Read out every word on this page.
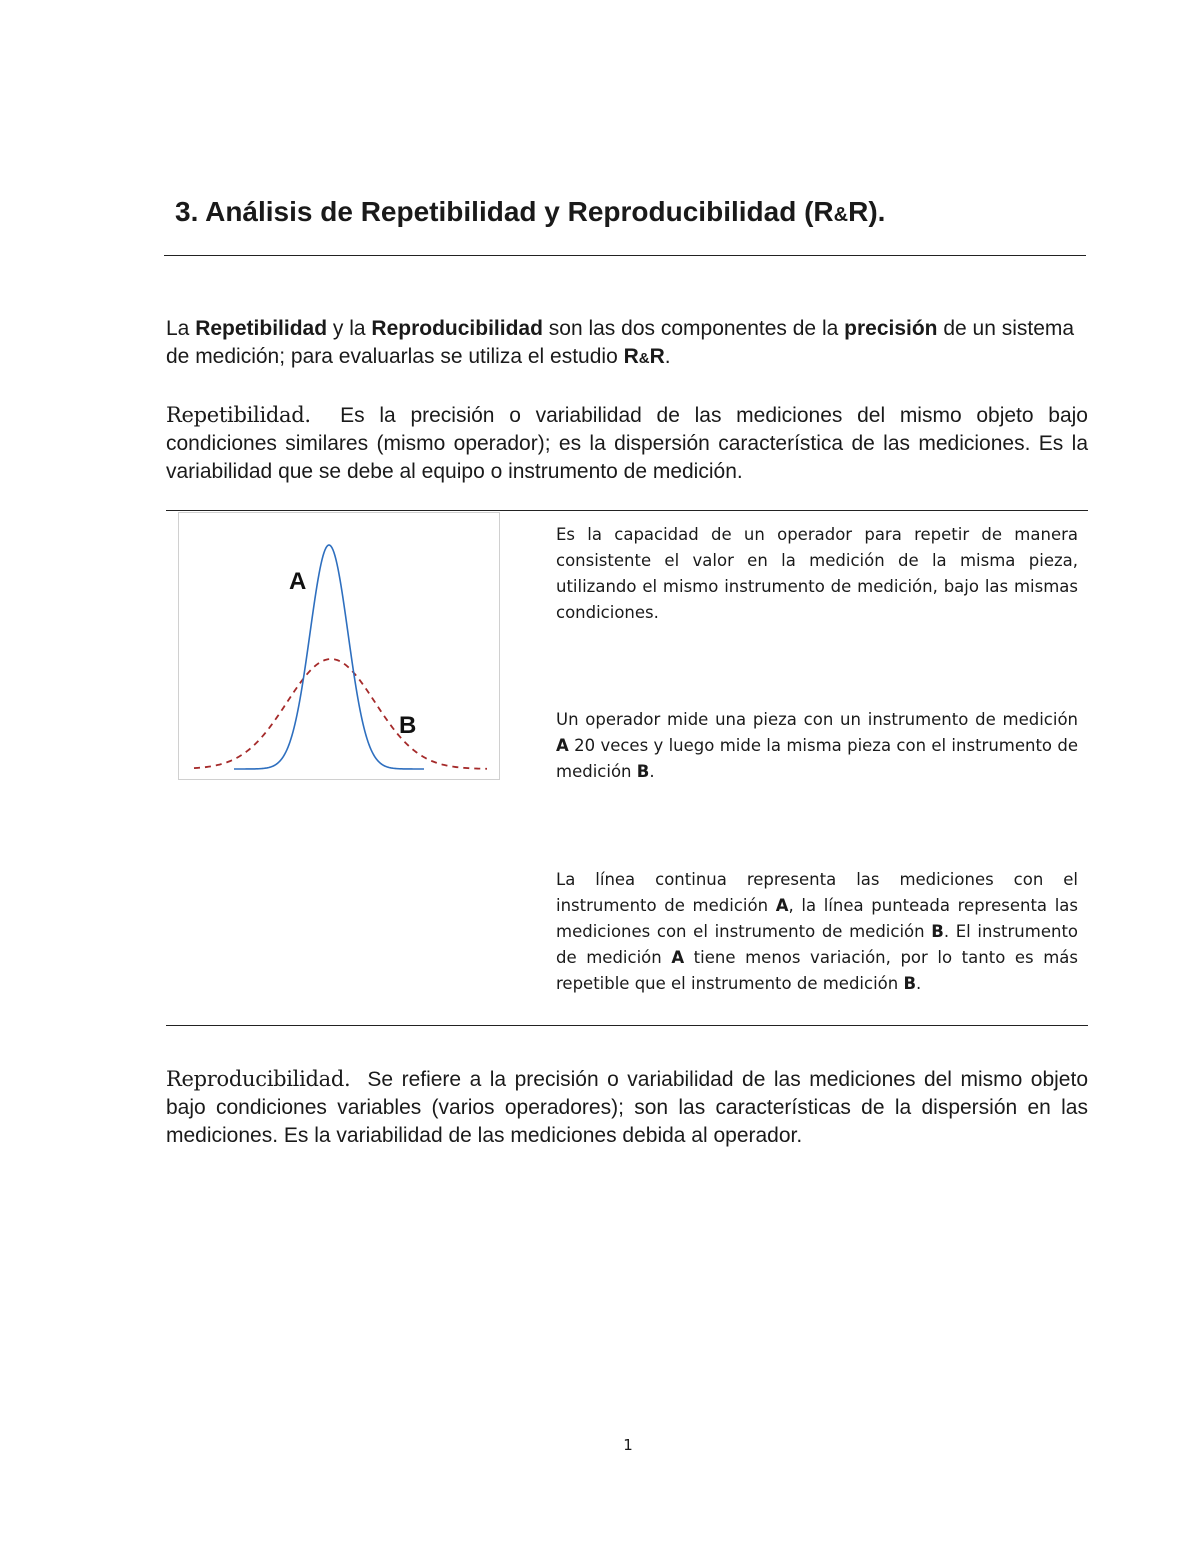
3. Análisis de Repetibilidad y Reproducibilidad (R&R).
La Repetibilidad y la Reproducibilidad son las dos componentes de la precisión de un sistema de medición; para evaluarlas se utiliza el estudio R&R.
Repetibilidad. Es la precisión o variabilidad de las mediciones del mismo objeto bajo condiciones similares (mismo operador); es la dispersión característica de las mediciones. Es la variabilidad que se debe al equipo o instrumento de medición.
A
B
Es la capacidad de un operador para repetir de manera consistente el valor en la medición de la misma pieza, utilizando el mismo instrumento de medición, bajo las mismas condiciones.
Un operador mide una pieza con un instrumento de medición A 20 veces y luego mide la misma pieza con el instrumento de medición B.
La línea continua representa las mediciones con el instrumento de medición A, la línea punteada representa las mediciones con el instrumento de medición B. El instrumento de medición A tiene menos variación, por lo tanto es más repetible que el instrumento de medición B.
Reproducibilidad. Se refiere a la precisión o variabilidad de las mediciones del mismo objeto bajo condiciones variables (varios operadores); son las características de la dispersión en las mediciones. Es la variabilidad de las mediciones debida al operador.
1
